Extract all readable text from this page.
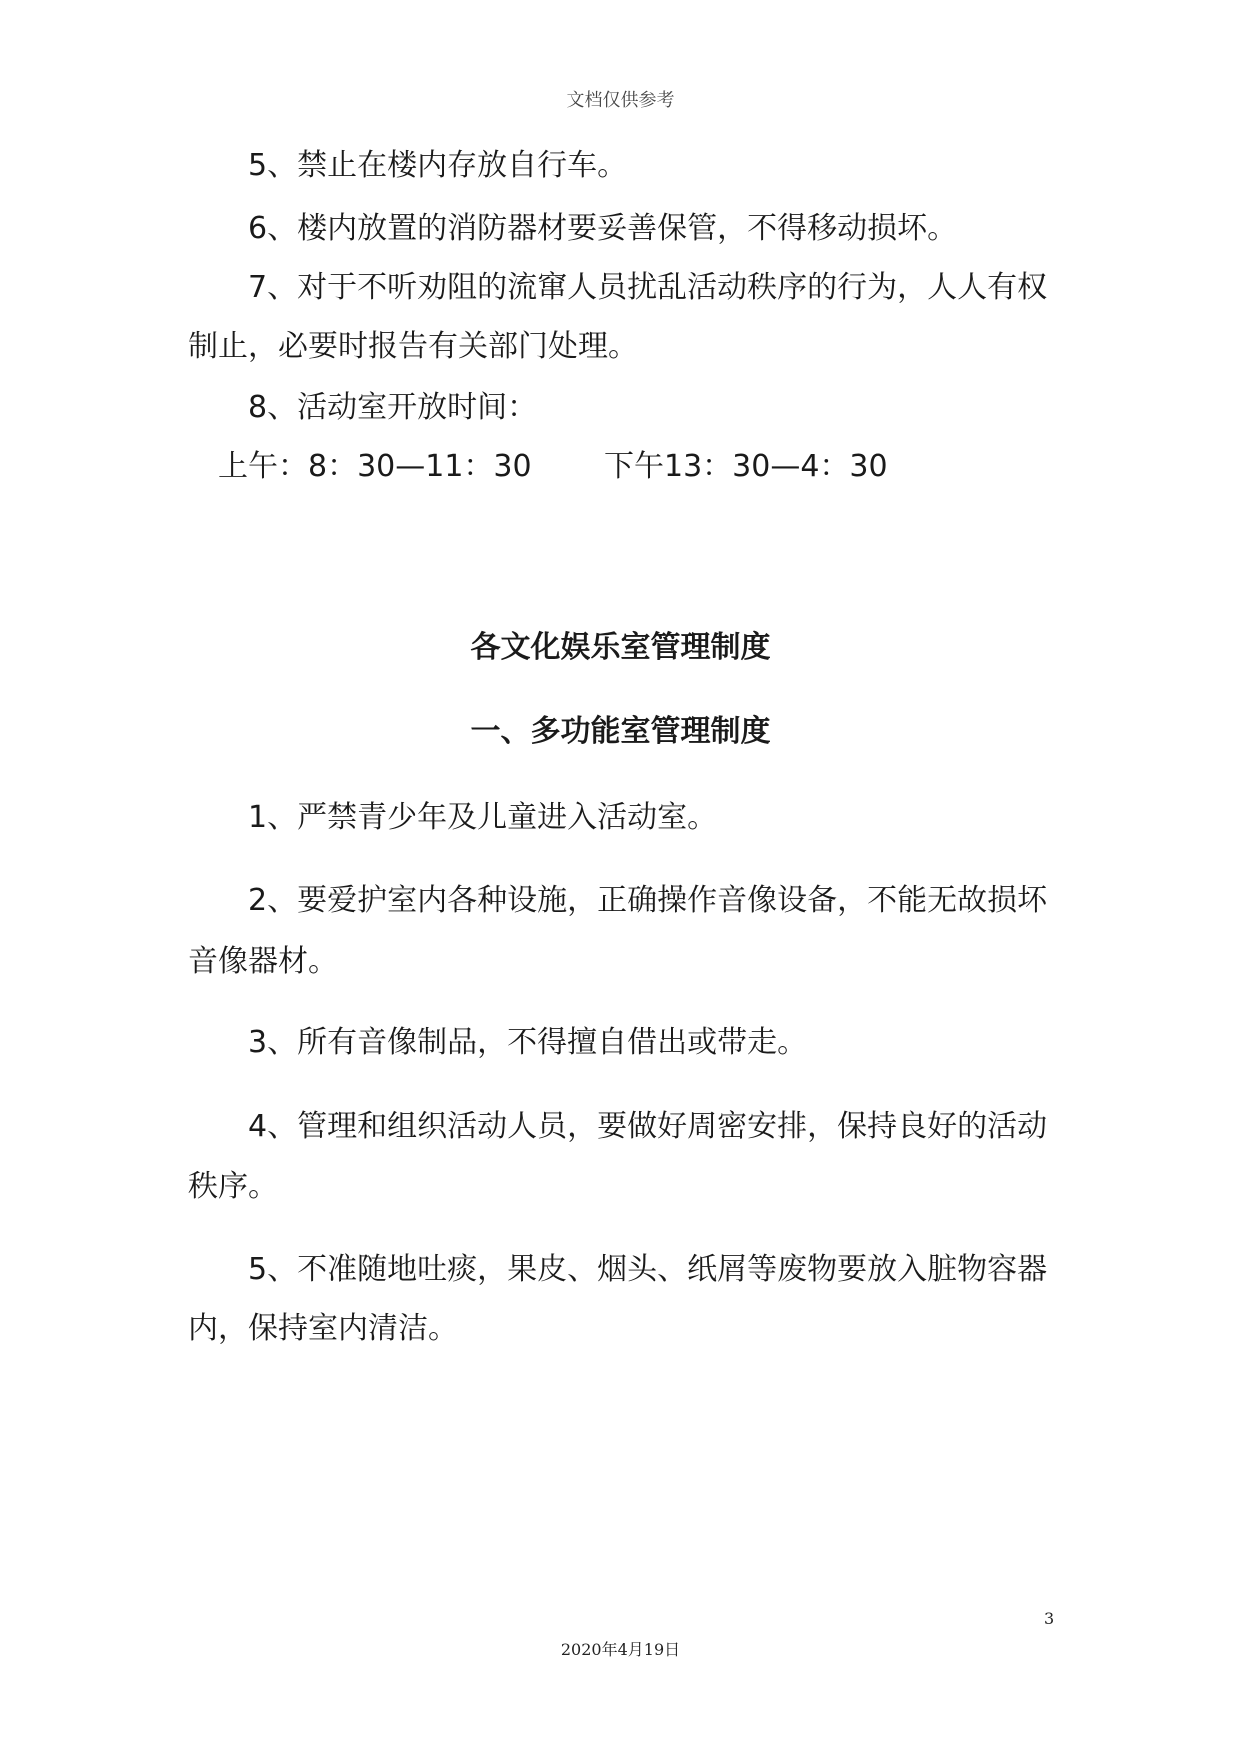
文档仅供参考
5、禁止在楼内存放自行车。
6、楼内放置的消防器材要妥善保管，不得移动损坏。
7、对于不听劝阻的流窜人员扰乱活动秩序的行为，人人有权
制止，必要时报告有关部门处理。
8、活动室开放时间：
上午：8：30—11：30 下午13：30—4：30
各文化娱乐室管理制度
一、多功能室管理制度
1、严禁青少年及儿童进入活动室。
2、要爱护室内各种设施，正确操作音像设备，不能无故损坏
音像器材。
3、所有音像制品，不得擅自借出或带走。
4、管理和组织活动人员，要做好周密安排，保持良好的活动
秩序。
5、不准随地吐痰，果皮、烟头、纸屑等废物要放入脏物容器
内，保持室内清洁。
3
2020年4月19日
